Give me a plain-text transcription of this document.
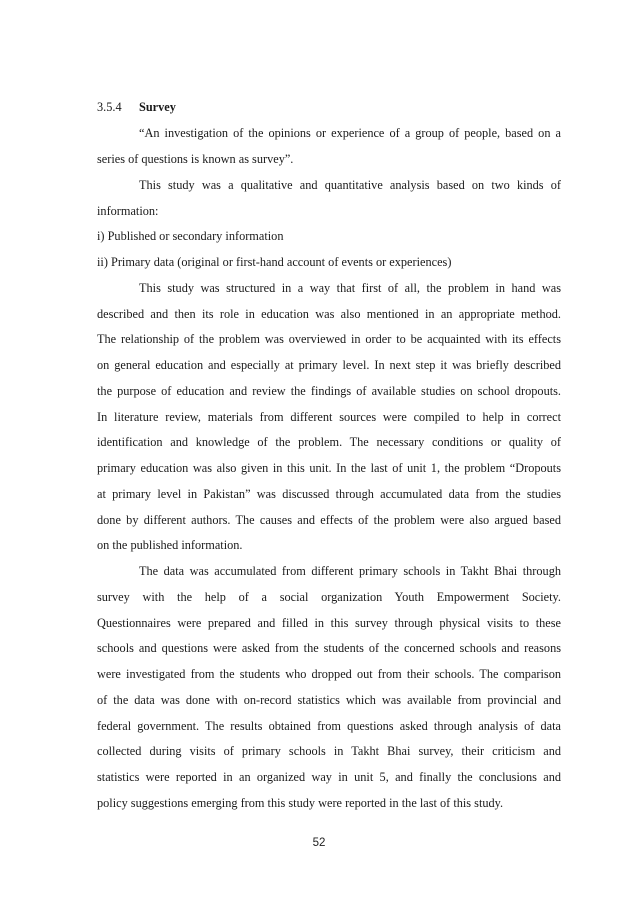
3.5.4 Survey
“An investigation of the opinions or experience of a group of people, based on a
series of questions is known as survey”.
This study was a qualitative and quantitative analysis based on two kinds of
information:
i) Published or secondary information
ii) Primary data (original or first-hand account of events or experiences)
This study was structured in a way that first of all, the problem in hand was
described and then its role in education was also mentioned in an appropriate method.
The relationship of the problem was overviewed in order to be acquainted with its effects
on general education and especially at primary level. In next step it was briefly described
the purpose of education and review the findings of available studies on school dropouts.
In literature review, materials from different sources were compiled to help in correct
identification and knowledge of the problem. The necessary conditions or quality of
primary education was also given in this unit. In the last of unit 1, the problem “Dropouts
at primary level in Pakistan” was discussed through accumulated data from the studies
done by different authors. The causes and effects of the problem were also argued based
on the published information.
The data was accumulated from different primary schools in Takht Bhai through
survey with the help of a social organization Youth Empowerment Society.
Questionnaires were prepared and filled in this survey through physical visits to these
schools and questions were asked from the students of the concerned schools and reasons
were investigated from the students who dropped out from their schools. The comparison
of the data was done with on-record statistics which was available from provincial and
federal government. The results obtained from questions asked through analysis of data
collected during visits of primary schools in Takht Bhai survey, their criticism and
statistics were reported in an organized way in unit 5, and finally the conclusions and
policy suggestions emerging from this study were reported in the last of this study.
52
